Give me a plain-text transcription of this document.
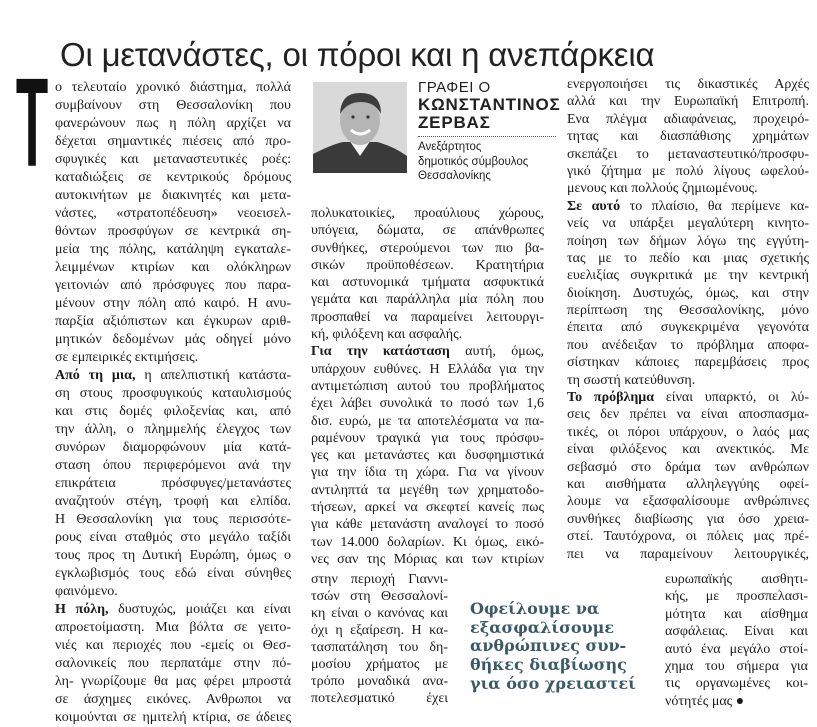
Οι μετανάστες, οι πόροι και η ανεπάρκεια
Τ ο τελευταίο χρονικό διάστημα, πολλά
συμβαίνουν στη Θεσσαλονίκη που
φανερώνουν πως η πόλη αρχίζει να
δέχεται σημαντικές πιέσεις από προ-
σφυγικές και μεταναστευτικές ροές:
καταδιώξεις σε κεντρικούς δρόμους
αυτοκινήτων με διακινητές και μετα-
νάστες, «στρατοπέδευση» νεοεισελ-
θόντων προσφύγων σε κεντρικά ση-
μεία της πόλης, κατάληψη εγκαταλε-
λειμμένων κτιρίων και ολόκληρων
γειτονιών από πρόσφυγες που παρα-
μένουν στην πόλη από καιρό. Η ανυ-
παρξία αξιόπιστων και έγκυρων αριθ-
μητικών δεδομένων μάς οδηγεί μόνο
σε εμπειρικές εκτιμήσεις.
Από τη μια, η απελπιστική κατάστα-
ση στους προσφυγικούς καταυλισμούς
και στις δομές φιλοξενίας και, από
την άλλη, ο πλημμελής έλεγχος των
συνόρων διαμορφώνουν μία κατά-
σταση όπου περιφερόμενοι ανά την
επικράτεια πρόσφυγες/μετανάστες
αναζητούν στέγη, τροφή και ελπίδα.
Η Θεσσαλονίκη για τους περισσότε-
ρους είναι σταθμός στο μεγάλο ταξίδι
τους προς τη Δυτική Ευρώπη, όμως ο
εγκλωβισμός τους εδώ είναι σύνηθες
φαινόμενο.
Η πόλη, δυστυχώς, μοιάζει και είναι
απροετοίμαστη. Μια βόλτα σε γειτο-
νιές και περιοχές που -εμείς οι Θεσ-
σαλονικείς που περπατάμε στην πό-
λη- γνωρίζουμε θα μας φέρει μπροστά
σε άσχημες εικόνες. Ανθρωποι να
κοιμούνται σε ημιτελή κτίρια, σε άδειες
ΓΡΑΦΕΙ Ο
ΚΩΝΣΤΑΝΤΙΝΟΣ
ΖΕΡΒΑΣ
Ανεξάρτητος
δημοτικός σύμβουλος
Θεσσαλονίκης
πολυκατοικίες, προαύλιους χώρους,
υπόγεια, δώματα, σε απάνθρωπες
συνθήκες, στερούμενοι των πιο βα-
σικών προϋποθέσεων. Κρατητήρια
και αστυνομικά τμήματα ασφυκτικά
γεμάτα και παράλληλα μία πόλη που
προσπαθεί να παραμείνει λειτουργι-
κή, φιλόξενη και ασφαλής.
Για την κατάσταση αυτή, όμως,
υπάρχουν ευθύνες. Η Ελλάδα για την
αντιμετώπιση αυτού του προβλήματος
έχει λάβει συνολικά το ποσό των 1,6
δισ. ευρώ, με τα αποτελέσματα να πα-
ραμένουν τραγικά για τους πρόσφυ-
γες και μετανάστες και δυσφημιστικά
για την ίδια τη χώρα. Για να γίνουν
αντιληπτά τα μεγέθη των χρηματοδο-
τήσεων, αρκεί να σκεφτεί κανείς πως
για κάθε μετανάστη αναλογεί το ποσό
των 14.000 δολαρίων. Κι όμως, εικό-
νες σαν της Μόριας και των κτιρίων
στην περιοχή Γιαννι-
τσών στη Θεσσαλονί-
κη είναι ο κανόνας και
όχι η εξαίρεση. Η κα-
τασπατάληση του δη-
μοσίου χρήματος με
τρόπο μοναδικά ανα-
ποτελεσματικό έχει
ενεργοποιήσει τις δικαστικές Αρχές
αλλά και την Ευρωπαϊκή Επιτροπή.
Ενα πλέγμα αδιαφάνειας, προχειρό-
τητας και διασπάθισης χρημάτων
σκεπάζει το μεταναστευτικό/προσφυ-
γικό ζήτημα με πολύ λίγους ωφελού-
μενους και πολλούς ζημιωμένους.
Σε αυτό το πλαίσιο, θα περίμενε κα-
νείς να υπάρξει μεγαλύτερη κινητο-
ποίηση των δήμων λόγω της εγγύτη-
τας με το πεδίο και μιας σχετικής
ευελιξίας συγκριτικά με την κεντρική
διοίκηση. Δυστυχώς, όμως, και στην
περίπτωση της Θεσσαλονίκης, μόνο
έπειτα από συγκεκριμένα γεγονότα
που ανέδειξαν το πρόβλημα αποφα-
σίστηκαν κάποιες παρεμβάσεις προς
τη σωστή κατεύθυνση.
Το πρόβλημα είναι υπαρκτό, οι λύ-
σεις δεν πρέπει να είναι αποσπασμα-
τικές, οι πόροι υπάρχουν, ο λαός μας
είναι φιλόξενος και ανεκτικός. Με
σεβασμό στο δράμα των ανθρώπων
και αισθήματα αλληλεγγύης οφεί-
λουμε να εξασφαλίσουμε ανθρώπινες
συνθήκες διαβίωσης για όσο χρεια-
στεί. Ταυτόχρονα, οι πόλεις μας πρέ-
πει να παραμείνουν λειτουργικές,
ευρωπαϊκής αισθητι-
κής, με προσπελασι-
μότητα και αίσθημα
ασφάλειας. Είναι και
αυτό ένα μεγάλο στοί-
χημα του σήμερα για
τις οργανωμένες κοι-
νότητές μας ●
Οφείλουμε να
εξασφαλίσουμε
ανθρώπινες συν-
θήκες διαβίωσης
για όσο χρειαστεί
